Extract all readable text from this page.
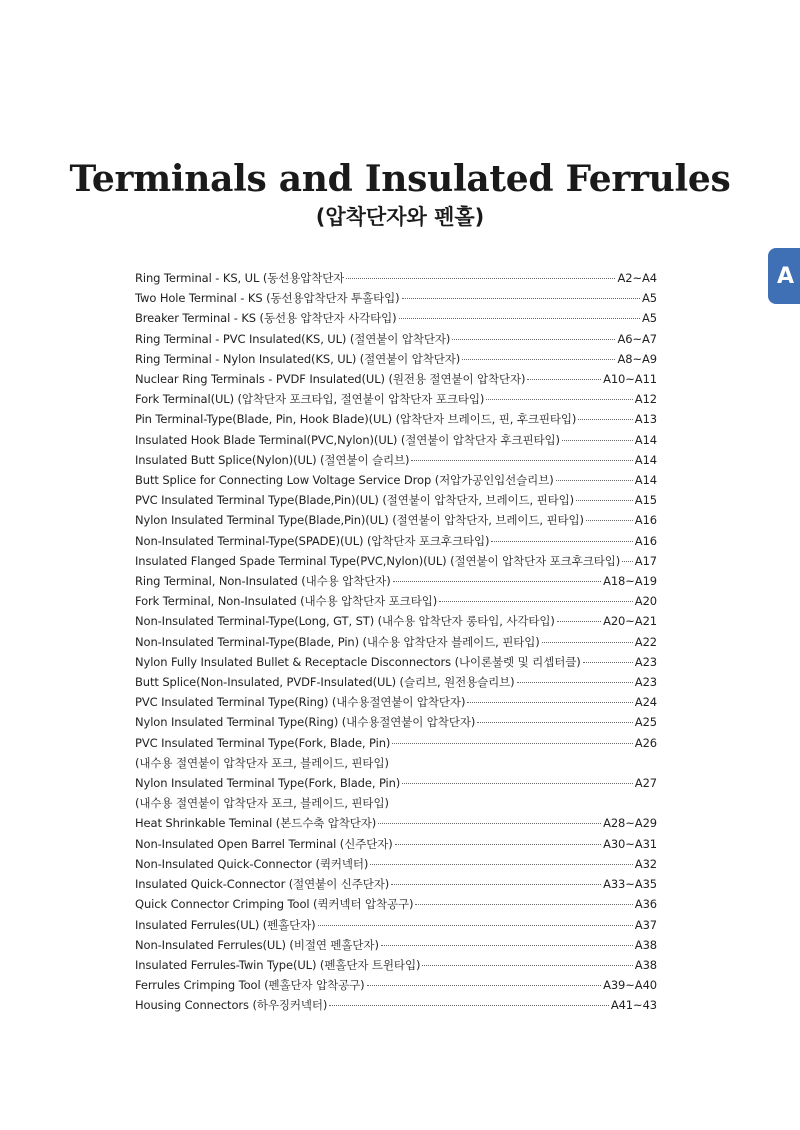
Terminals and Insulated Ferrules
(압착단자와 펜홀)
A
Ring Terminal - KS, UL (동선용압착단자	A2~A4
Two Hole Terminal - KS (동선용압착단자 투홀타입)	A5
Breaker Terminal - KS (동선용 압착단자 사각타입)	A5
Ring Terminal - PVC Insulated(KS, UL) (절연붙이 압착단자)	A6~A7
Ring Terminal - Nylon Insulated(KS, UL) (절연붙이 압착단자)	A8~A9
Nuclear Ring Terminals - PVDF Insulated(UL) (원전용 절연붙이 압착단자)	A10~A11
Fork Terminal(UL) (압착단자 포크타입, 절연붙이 압착단자 포크타입)	A12
Pin Terminal-Type(Blade, Pin, Hook Blade)(UL) (압착단자 브레이드, 핀, 후크핀타입)	A13
Insulated Hook Blade Terminal(PVC,Nylon)(UL) (절연붙이 압착단자 후크핀타입)	A14
Insulated Butt Splice(Nylon)(UL) (절연붙이 슬리브)	A14
Butt Splice for Connecting Low Voltage Service Drop (저압가공인입선슬리브)	A14
PVC Insulated Terminal Type(Blade,Pin)(UL) (절연붙이 압착단자, 브레이드, 핀타입)	A15
Nylon Insulated Terminal Type(Blade,Pin)(UL) (절연붙이 압착단자, 브레이드, 핀타입)	A16
Non-Insulated Terminal-Type(SPADE)(UL) (압착단자 포크후크타입)	A16
Insulated Flanged Spade Terminal Type(PVC,Nylon)(UL) (절연붙이 압착단자 포크후크타입) A17
Ring Terminal, Non-Insulated (내수용 압착단자)	A18~A19
Fork Terminal, Non-Insulated (내수용 압착단자 포크타입)	A20
Non-Insulated Terminal-Type(Long, GT, ST) (내수용 압착단자 롱타입, 사각타입)	A20~A21
Non-Insulated Terminal-Type(Blade, Pin) (내수용 압착단자 블레이드, 핀타입)	A22
Nylon Fully Insulated Bullet & Receptacle Disconnectors (나이론불렛 및 리셉터클)	A23
Butt Splice(Non-Insulated, PVDF-Insulated(UL) (슬리브, 원전용슬리브)	A23
PVC Insulated Terminal Type(Ring) (내수용절연붙이 압착단자)	A24
Nylon Insulated Terminal Type(Ring) (내수용절연붙이 압착단자)	A25
PVC Insulated Terminal Type(Fork, Blade, Pin)	A26
(내수용 절연붙이 압착단자 포크, 블레이드, 핀타입)
Nylon Insulated Terminal Type(Fork, Blade, Pin)	A27
(내수용 절연붙이 압착단자 포크, 블레이드, 핀타입)
Heat Shrinkable Teminal (본드수축 압착단자)	A28~A29
Non-Insulated Open Barrel Terminal (신주단자)	A30~A31
Non-Insulated Quick-Connector (퀵커넥터)	A32
Insulated Quick-Connector (절연붙이 신주단자)	A33~A35
Quick Connector Crimping Tool (퀵커넥터 압착공구)	A36
Insulated Ferrules(UL) (펜홀단자)	A37
Non-Insulated Ferrules(UL) (비절연 펜홀단자)	A38
Insulated Ferrules-Twin Type(UL) (펜홀단자 트윈타입)	A38
Ferrules Crimping Tool (펜홀단자 압착공구)	A39~A40
Housing Connectors (하우징커넥터)	A41~43
